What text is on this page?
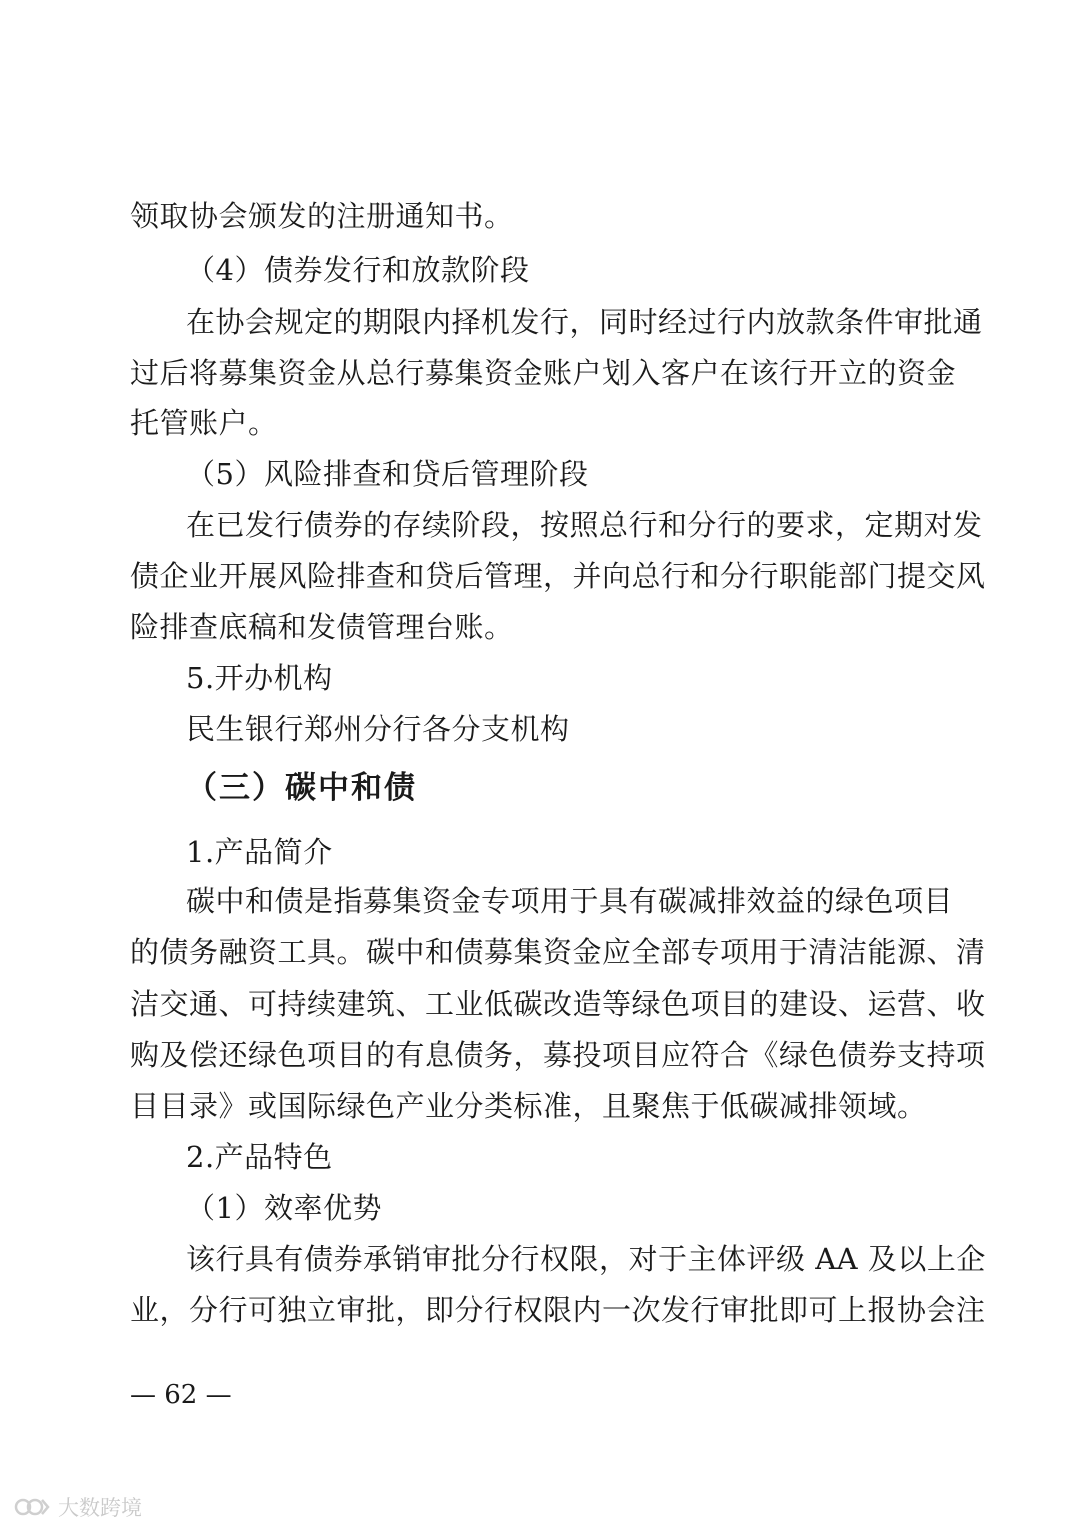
领取协会颁发的注册通知书。
（4）债券发行和放款阶段
在协会规定的期限内择机发行，同时经过行内放款条件审批通
过后将募集资金从总行募集资金账户划入客户在该行开立的资金
托管账户。
（5）风险排查和贷后管理阶段
在已发行债券的存续阶段，按照总行和分行的要求，定期对发
债企业开展风险排查和贷后管理，并向总行和分行职能部门提交风
险排查底稿和发债管理台账。
5.开办机构
民生银行郑州分行各分支机构
（三）碳中和债
1.产品简介
碳中和债是指募集资金专项用于具有碳减排效益的绿色项目
的债务融资工具。碳中和债募集资金应全部专项用于清洁能源、清
洁交通、可持续建筑、工业低碳改造等绿色项目的建设、运营、收
购及偿还绿色项目的有息债务，募投项目应符合《绿色债券支持项
目目录》或国际绿色产业分类标准，且聚焦于低碳减排领域。
2.产品特色
（1）效率优势
该行具有债券承销审批分行权限，对于主体评级 AA 及以上企
业，分行可独立审批，即分行权限内一次发行审批即可上报协会注
— 62 —
大数跨境
